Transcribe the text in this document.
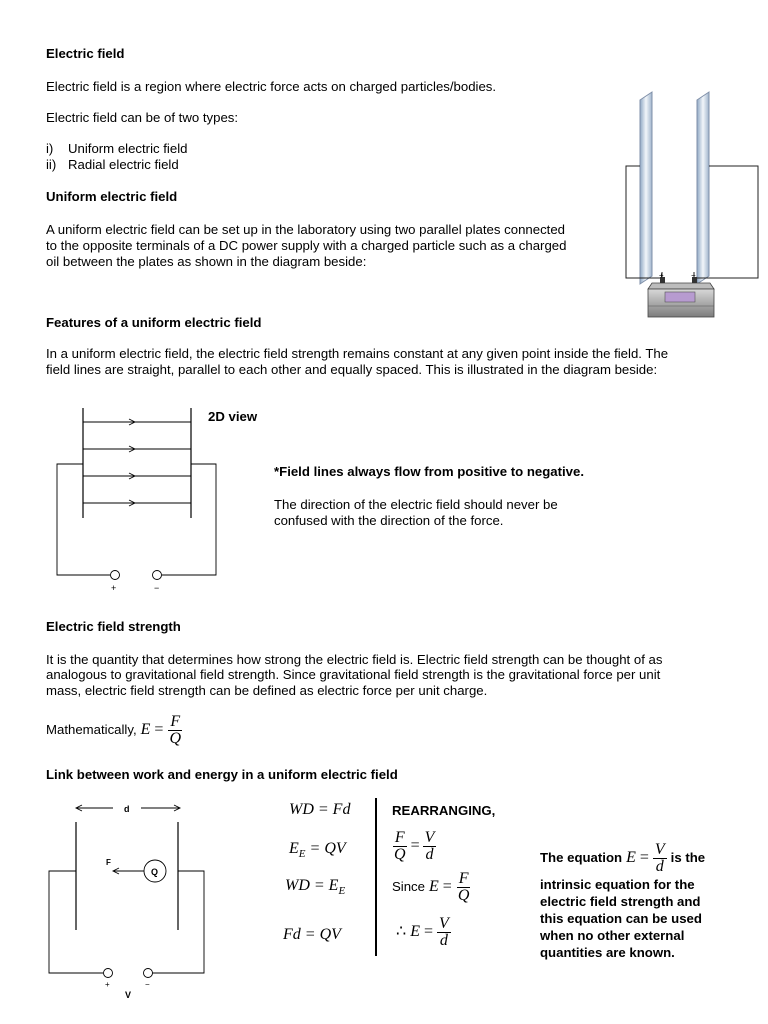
Electric field
Electric field is a region where electric force acts on charged particles/bodies.
Electric field can be of two types:
i) Uniform electric field
ii) Radial electric field
Uniform electric field
A uniform electric field can be set up in the laboratory using two parallel plates connected
to the opposite terminals of a DC power supply with a charged particle such as a charged
oil between the plates as shown in the diagram beside:
+	−
Features of a uniform electric field
In a uniform electric field, the electric field strength remains constant at any given point inside the field. The
field lines are straight, parallel to each other and equally spaced. This is illustrated in the diagram beside:
+	−
2D view
*Field lines always flow from positive to negative.
The direction of the electric field should never be
confused with the direction of the force.
Electric field strength
It is the quantity that determines how strong the electric field is. Electric field strength can be thought of as
analogous to gravitational field strength. Since gravitational field strength is the gravitational force per unit
mass, electric field strength can be defined as electric force per unit charge.
Mathematically, $E = \frac{F}{Q}$
Link between work and energy in a uniform electric field
d
Q
F
+	−
V
WD = Fd
$E_E$ = QV
WD = $E_E$
Fd = QV
REARRANGING,
$\frac{F}{Q} = \frac{V}{d}$
Since $E = \frac{F}{Q}$
∴ $E = \frac{V}{d}$
The equation $E = \frac{V}{d}$ is the
intrinsic equation for the
electric field strength and
this equation can be used
when no other external
quantities are known.
